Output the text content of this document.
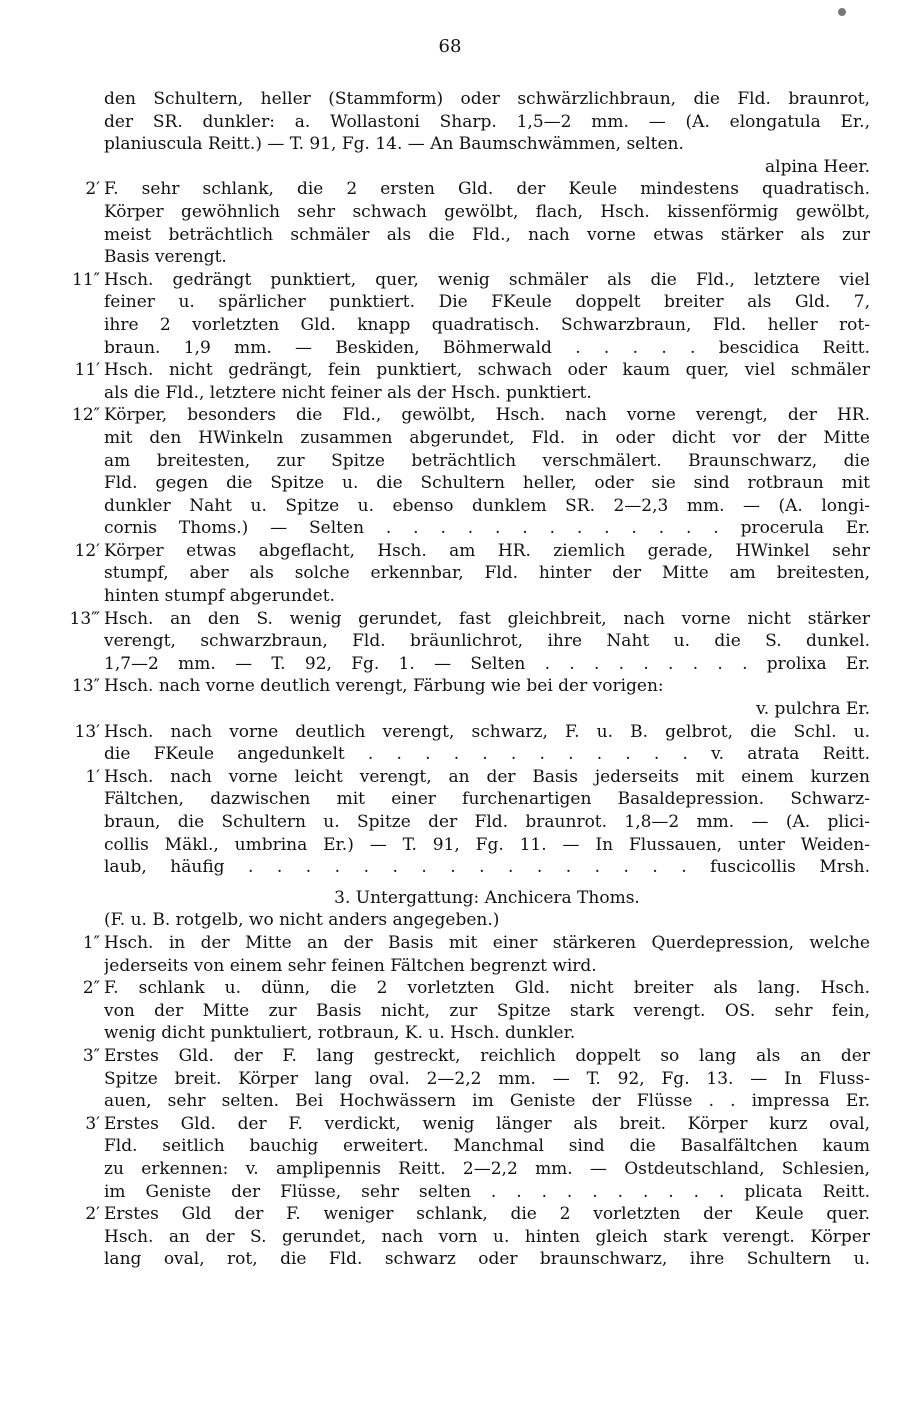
68
den Schultern, heller (Stammform) oder schwärzlichbraun, die Fld. braunrot,
der SR. dunkler: a. Wollastoni Sharp. 1,5—2 mm. — (A. elongatula Er.,
planiuscula Reitt.) — T. 91, Fg. 14. — An Baumschwämmen, selten.
alpina Heer.
2′ F. sehr schlank, die 2 ersten Gld. der Keule mindestens quadratisch.
Körper gewöhnlich sehr schwach gewölbt, flach, Hsch. kissenförmig gewölbt,
meist beträchtlich schmäler als die Fld., nach vorne etwas stärker als zur
Basis verengt.
11″ Hsch. gedrängt punktiert, quer, wenig schmäler als die Fld., letztere viel
feiner u. spärlicher punktiert. Die FKeule doppelt breiter als Gld. 7,
ihre 2 vorletzten Gld. knapp quadratisch. Schwarzbraun, Fld. heller rot-
braun. 1,9 mm. — Beskiden, Böhmerwald . . . . . bescidica Reitt.
11′ Hsch. nicht gedrängt, fein punktiert, schwach oder kaum quer, viel schmäler
als die Fld., letztere nicht feiner als der Hsch. punktiert.
12″ Körper, besonders die Fld., gewölbt, Hsch. nach vorne verengt, der HR.
mit den HWinkeln zusammen abgerundet, Fld. in oder dicht vor der Mitte
am breitesten, zur Spitze beträchtlich verschmälert. Braunschwarz, die
Fld. gegen die Spitze u. die Schultern heller, oder sie sind rotbraun mit
dunkler Naht u. Spitze u. ebenso dunklem SR. 2—2,3 mm. — (A. longi-
cornis Thoms.) — Selten . . . . . . . . . . . . . procerula Er.
12′ Körper etwas abgeflacht, Hsch. am HR. ziemlich gerade, HWinkel sehr
stumpf, aber als solche erkennbar, Fld. hinter der Mitte am breitesten,
hinten stumpf abgerundet.
13‴ Hsch. an den S. wenig gerundet, fast gleichbreit, nach vorne nicht stärker
verengt, schwarzbraun, Fld. bräunlichrot, ihre Naht u. die S. dunkel.
1,7—2 mm. — T. 92, Fg. 1. — Selten . . . . . . . . . prolixa Er.
13″ Hsch. nach vorne deutlich verengt, Färbung wie bei der vorigen:
v. pulchra Er.
13′ Hsch. nach vorne deutlich verengt, schwarz, F. u. B. gelbrot, die Schl. u.
die FKeule angedunkelt . . . . . . . . . . . . v. atrata Reitt.
1′ Hsch. nach vorne leicht verengt, an der Basis jederseits mit einem kurzen
Fältchen, dazwischen mit einer furchenartigen Basaldepression. Schwarz-
braun, die Schultern u. Spitze der Fld. braunrot. 1,8—2 mm. — (A. plici-
collis Mäkl., umbrina Er.) — T. 91, Fg. 11. — In Flussauen, unter Weiden-
laub, häufig . . . . . . . . . . . . . . . . fuscicollis Mrsh.
3. Untergattung: Anchicera Thoms.
(F. u. B. rotgelb, wo nicht anders angegeben.)
1″ Hsch. in der Mitte an der Basis mit einer stärkeren Querdepression, welche
jederseits von einem sehr feinen Fältchen begrenzt wird.
2″ F. schlank u. dünn, die 2 vorletzten Gld. nicht breiter als lang. Hsch.
von der Mitte zur Basis nicht, zur Spitze stark verengt. OS. sehr fein,
wenig dicht punktuliert, rotbraun, K. u. Hsch. dunkler.
3″ Erstes Gld. der F. lang gestreckt, reichlich doppelt so lang als an der
Spitze breit. Körper lang oval. 2—2,2 mm. — T. 92, Fg. 13. — In Fluss-
auen, sehr selten. Bei Hochwässern im Geniste der Flüsse . . impressa Er.
3′ Erstes Gld. der F. verdickt, wenig länger als breit. Körper kurz oval,
Fld. seitlich bauchig erweitert. Manchmal sind die Basalfältchen kaum
zu erkennen: v. amplipennis Reitt. 2—2,2 mm. — Ostdeutschland, Schlesien,
im Geniste der Flüsse, sehr selten . . . . . . . . . . plicata Reitt.
2′ Erstes Gld der F. weniger schlank, die 2 vorletzten der Keule quer.
Hsch. an der S. gerundet, nach vorn u. hinten gleich stark verengt. Körper
lang oval, rot, die Fld. schwarz oder braunschwarz, ihre Schultern u.
